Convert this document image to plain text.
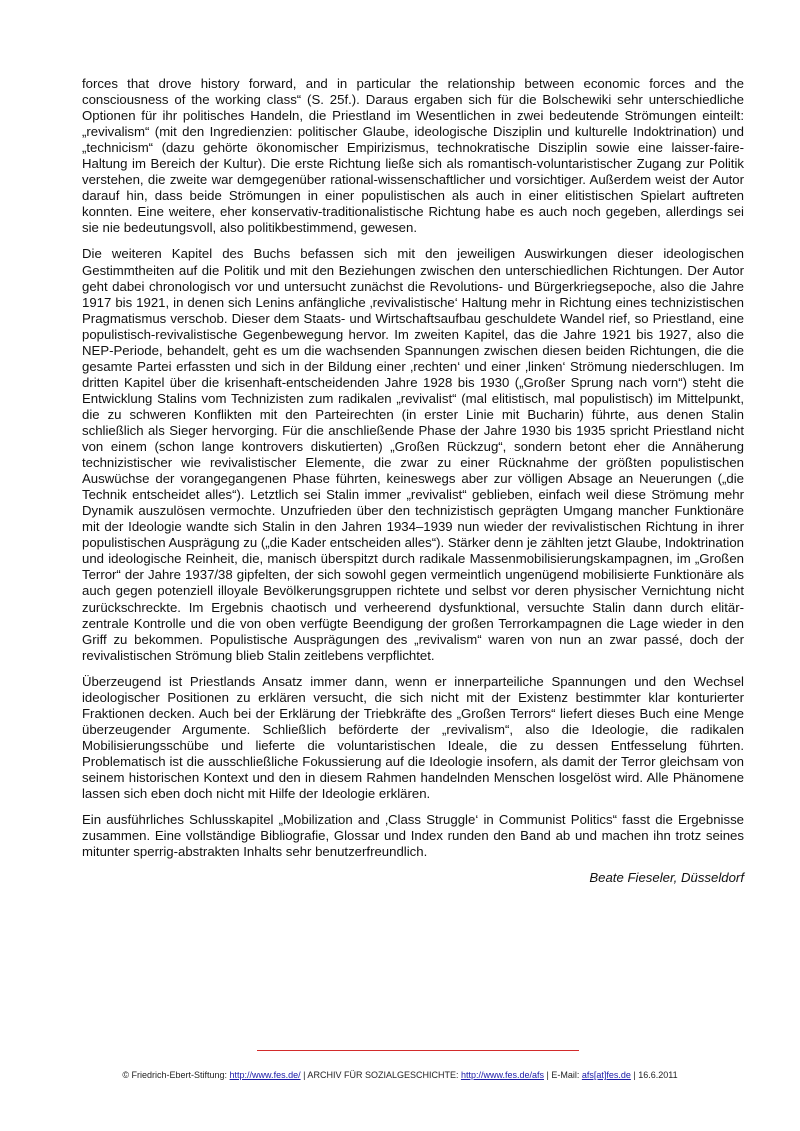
forces that drove history forward, and in particular the relationship between economic forces and the consciousness of the working class“ (S. 25f.). Daraus ergaben sich für die Bolschewiki sehr unterschiedliche Optionen für ihr politisches Handeln, die Priestland im Wesentlichen in zwei bedeutende Strömungen einteilt: „revivalism“ (mit den Ingredienzien: politischer Glaube, ideologische Disziplin und kulturelle Indoktrination) und „technicism“ (dazu gehörte ökonomischer Empirizismus, technokratische Disziplin sowie eine laisser-faire-Haltung im Bereich der Kultur). Die erste Richtung ließe sich als romantisch-voluntaristischer Zugang zur Politik verstehen, die zweite war demgegenüber rational-wissenschaftlicher und vorsichtiger. Außerdem weist der Autor darauf hin, dass beide Strömungen in einer populistischen als auch in einer elitistischen Spielart auftreten konnten. Eine weitere, eher konservativ-traditionalistische Richtung habe es auch noch gegeben, allerdings sei sie nie bedeutungsvoll, also politikbestimmend, gewesen.

Die weiteren Kapitel des Buchs befassen sich mit den jeweiligen Auswirkungen dieser ideologischen Gestimmtheiten auf die Politik und mit den Beziehungen zwischen den unterschiedlichen Richtungen. Der Autor geht dabei chronologisch vor und untersucht zunächst die Revolutions- und Bürgerkriegsepoche, also die Jahre 1917 bis 1921, in denen sich Lenins anfängliche ‚revivalistische‘ Haltung mehr in Richtung eines technizistischen Pragmatismus verschob. Dieser dem Staats- und Wirtschaftsaufbau geschuldete Wandel rief, so Priestland, eine populistisch-revivalistische Gegenbewegung hervor. Im zweiten Kapitel, das die Jahre 1921 bis 1927, also die NEP-Periode, behandelt, geht es um die wachsenden Spannungen zwischen diesen beiden Richtungen, die die gesamte Partei erfassten und sich in der Bildung einer ‚rechten‘ und einer ‚linken‘ Strömung niederschlugen. Im dritten Kapitel über die krisenhaft-entscheidenden Jahre 1928 bis 1930 („Großer Sprung nach vorn“) steht die Entwicklung Stalins vom Technizisten zum radikalen „revivalist“ (mal elitistisch, mal populistisch) im Mittelpunkt, die zu schweren Konflikten mit den Parteirechten (in erster Linie mit Bucharin) führte, aus denen Stalin schließlich als Sieger hervorging. Für die anschließende Phase der Jahre 1930 bis 1935 spricht Priestland nicht von einem (schon lange kontrovers diskutierten) „Großen Rückzug“, sondern betont eher die Annäherung technizistischer wie revivalistischer Elemente, die zwar zu einer Rücknahme der größten populistischen Auswüchse der vorangegangenen Phase führten, keineswegs aber zur völligen Absage an Neuerungen („die Technik entscheidet alles“). Letztlich sei Stalin immer „revivalist“ geblieben, einfach weil diese Strömung mehr Dynamik auszulösen vermochte. Unzufrieden über den technizistisch geprägten Umgang mancher Funktionäre mit der Ideologie wandte sich Stalin in den Jahren 1934–1939 nun wieder der revivalistischen Richtung in ihrer populistischen Ausprägung zu („die Kader entscheiden alles“). Stärker denn je zählten jetzt Glaube, Indoktrination und ideologische Reinheit, die, manisch überspitzt durch radikale Massenmobilisierungskampagnen, im „Großen Terror“ der Jahre 1937/38 gipfelten, der sich sowohl gegen vermeintlich ungenügend mobilisierte Funktionäre als auch gegen potenziell illoyale Bevölkerungsgruppen richtete und selbst vor deren physischer Vernichtung nicht zurückschreckte. Im Ergebnis chaotisch und verheerend dysfunktional, versuchte Stalin dann durch elitär-zentrale Kontrolle und die von oben verfügte Beendigung der großen Terrorkampagnen die Lage wieder in den Griff zu bekommen. Populistische Ausprägungen des „revivalism“ waren von nun an zwar passé, doch der revivalistischen Strömung blieb Stalin zeitlebens verpflichtet.

Überzeugend ist Priestlands Ansatz immer dann, wenn er innerparteiliche Spannungen und den Wechsel ideologischer Positionen zu erklären versucht, die sich nicht mit der Existenz bestimmter klar konturierter Fraktionen decken. Auch bei der Erklärung der Triebkräfte des „Großen Terrors“ liefert dieses Buch eine Menge überzeugender Argumente. Schließlich beförderte der „revivalism“, also die Ideologie, die radikalen Mobilisierungsschübe und lieferte die voluntaristischen Ideale, die zu dessen Entfesselung führten. Problematisch ist die ausschließliche Fokussierung auf die Ideologie insofern, als damit der Terror gleichsam von seinem historischen Kontext und den in diesem Rahmen handelnden Menschen losgelöst wird. Alle Phänomene lassen sich eben doch nicht mit Hilfe der Ideologie erklären.

Ein ausführliches Schlusskapitel „Mobilization and ‚Class Struggle‘ in Communist Politics“ fasst die Ergebnisse zusammen. Eine vollständige Bibliografie, Glossar und Index runden den Band ab und machen ihn trotz seines mitunter sperrig-abstrakten Inhalts sehr benutzerfreundlich.

Beate Fieseler, Düsseldorf
© Friedrich-Ebert-Stiftung: http://www.fes.de/ | ARCHIV FÜR SOZIALGESCHICHTE: http://www.fes.de/afs | E-Mail: afs[at]fes.de | 16.6.2011
